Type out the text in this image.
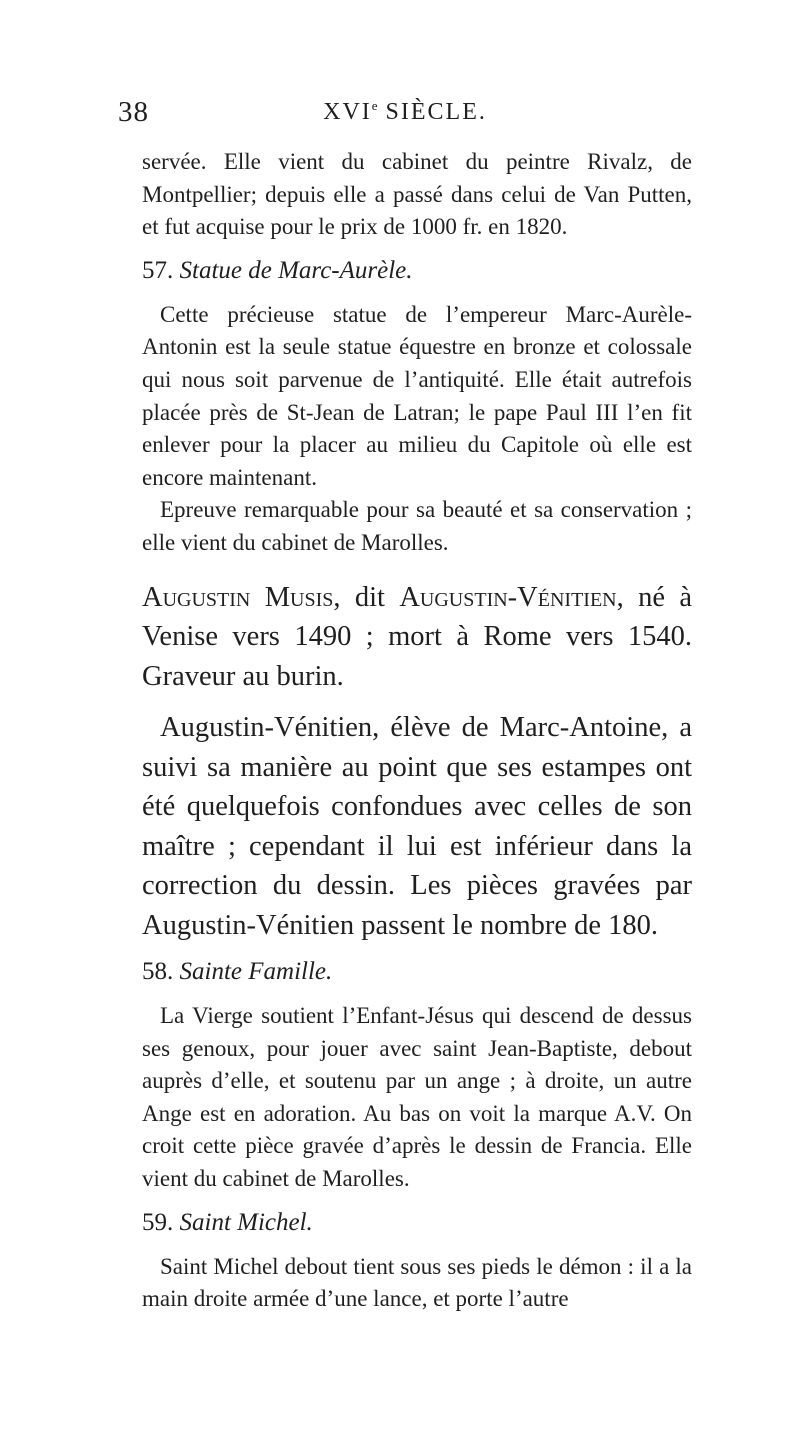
38	XVIe SIÈCLE.

servée. Elle vient du cabinet du peintre Rivalz, de Montpellier; depuis elle a passé dans celui de Van Putten, et fut acquise pour le prix de 1000 fr. en 1820.

57. Statue de Marc-Aurèle.

Cette précieuse statue de l’empereur Marc-Aurèle-Antonin est la seule statue équestre en bronze et colossale qui nous soit parvenue de l’antiquité. Elle était autrefois placée près de St-Jean de Latran; le pape Paul III l’en fit enlever pour la placer au milieu du Capitole où elle est encore maintenant.

Epreuve remarquable pour sa beauté et sa conservation ; elle vient du cabinet de Marolles.

Augustin Musis, dit Augustin-Vénitien, né à Venise vers 1490 ; mort à Rome vers 1540. Graveur au burin.

Augustin-Vénitien, élève de Marc-Antoine, a suivi sa manière au point que ses estampes ont été quelquefois confondues avec celles de son maître ; cependant il lui est inférieur dans la correction du dessin. Les pièces gravées par Augustin-Vénitien passent le nombre de 180.

58. Sainte Famille.

La Vierge soutient l’Enfant-Jésus qui descend de dessus ses genoux, pour jouer avec saint Jean-Baptiste, debout auprès d’elle, et soutenu par un ange ; à droite, un autre Ange est en adoration. Au bas on voit la marque A.V. On croit cette pièce gravée d’après le dessin de Francia. Elle vient du cabinet de Marolles.

59. Saint Michel.

Saint Michel debout tient sous ses pieds le démon : il a la main droite armée d’une lance, et porte l’autre
